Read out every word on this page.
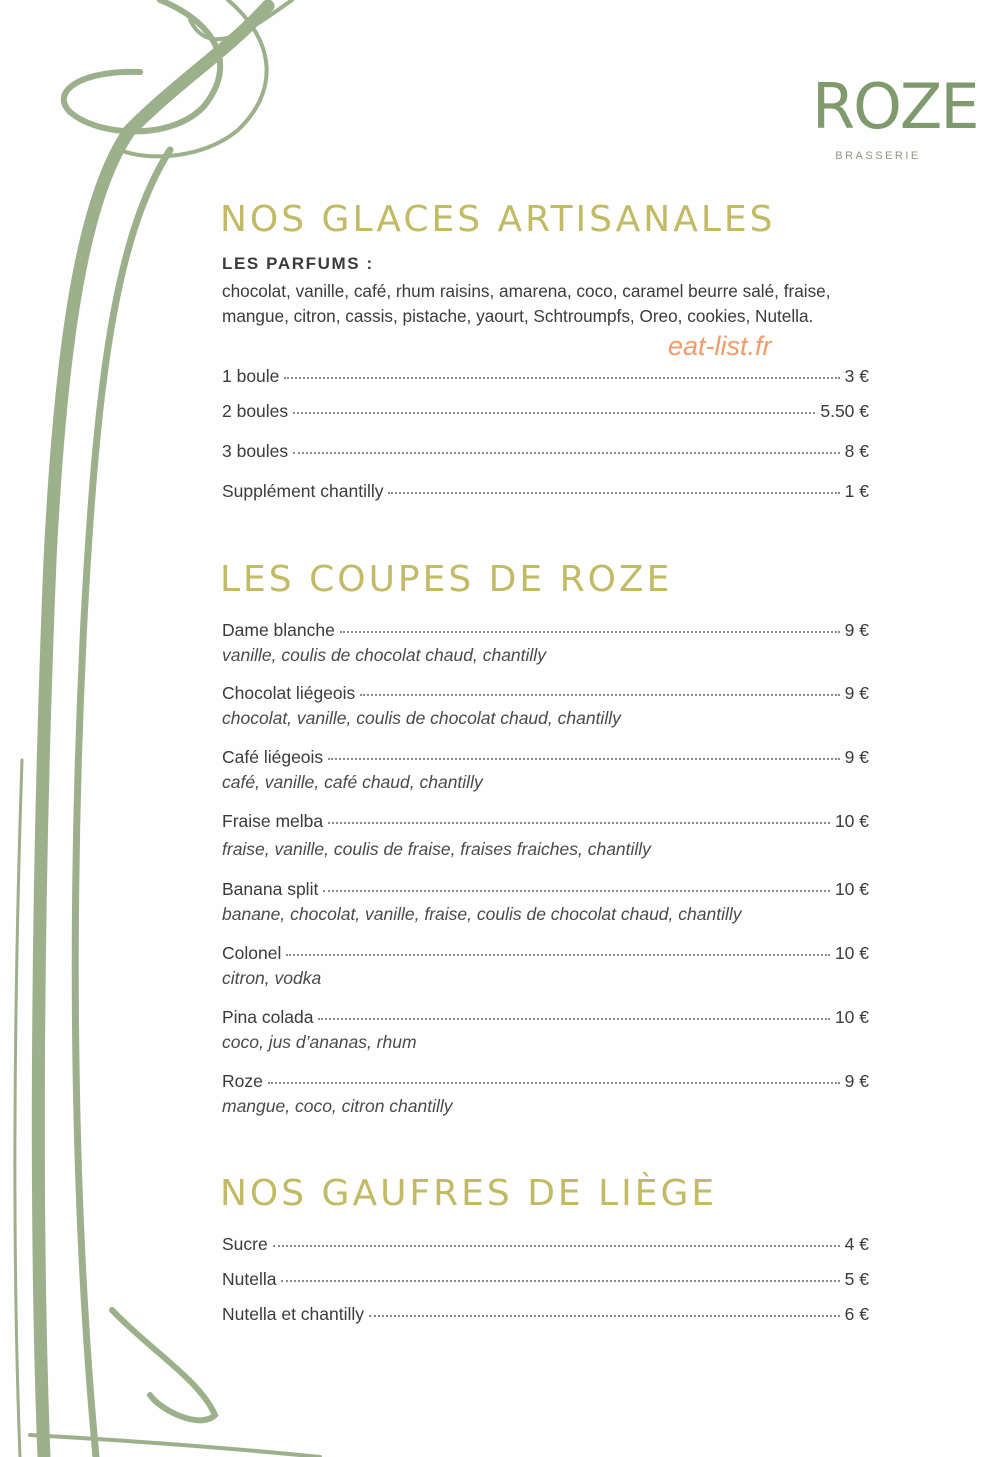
ROZE
BRASSERIE
NOS GLACES ARTISANALES

LES PARFUMS :

chocolat, vanille, café, rhum raisins, amarena, coco, caramel beurre salé, fraise, mangue, citron, cassis, pistache, yaourt, Schtroumpfs, Oreo, cookies, Nutella.

eat-list.fr
1 boule	3 €
2 boules	5.50 €
3 boules	8 €
Supplément chantilly	1 €
LES COUPES DE ROZE
Dame blanche	9 €
vanille, coulis de chocolat chaud, chantilly
Chocolat liégeois	9 €
chocolat, vanille, coulis de chocolat chaud, chantilly
Café liégeois	9 €
café, vanille, café chaud, chantilly
Fraise melba	10 €
fraise, vanille, coulis de fraise, fraises fraiches, chantilly
Banana split	10 €
banane, chocolat, vanille, fraise, coulis de chocolat chaud, chantilly
Colonel	10 €
citron, vodka
Pina colada	10 €
coco, jus d’ananas, rhum
Roze	9 €
mangue, coco, citron chantilly
NOS GAUFRES DE LIÈGE
Sucre	4 €
Nutella	5 €
Nutella et chantilly	6 €
